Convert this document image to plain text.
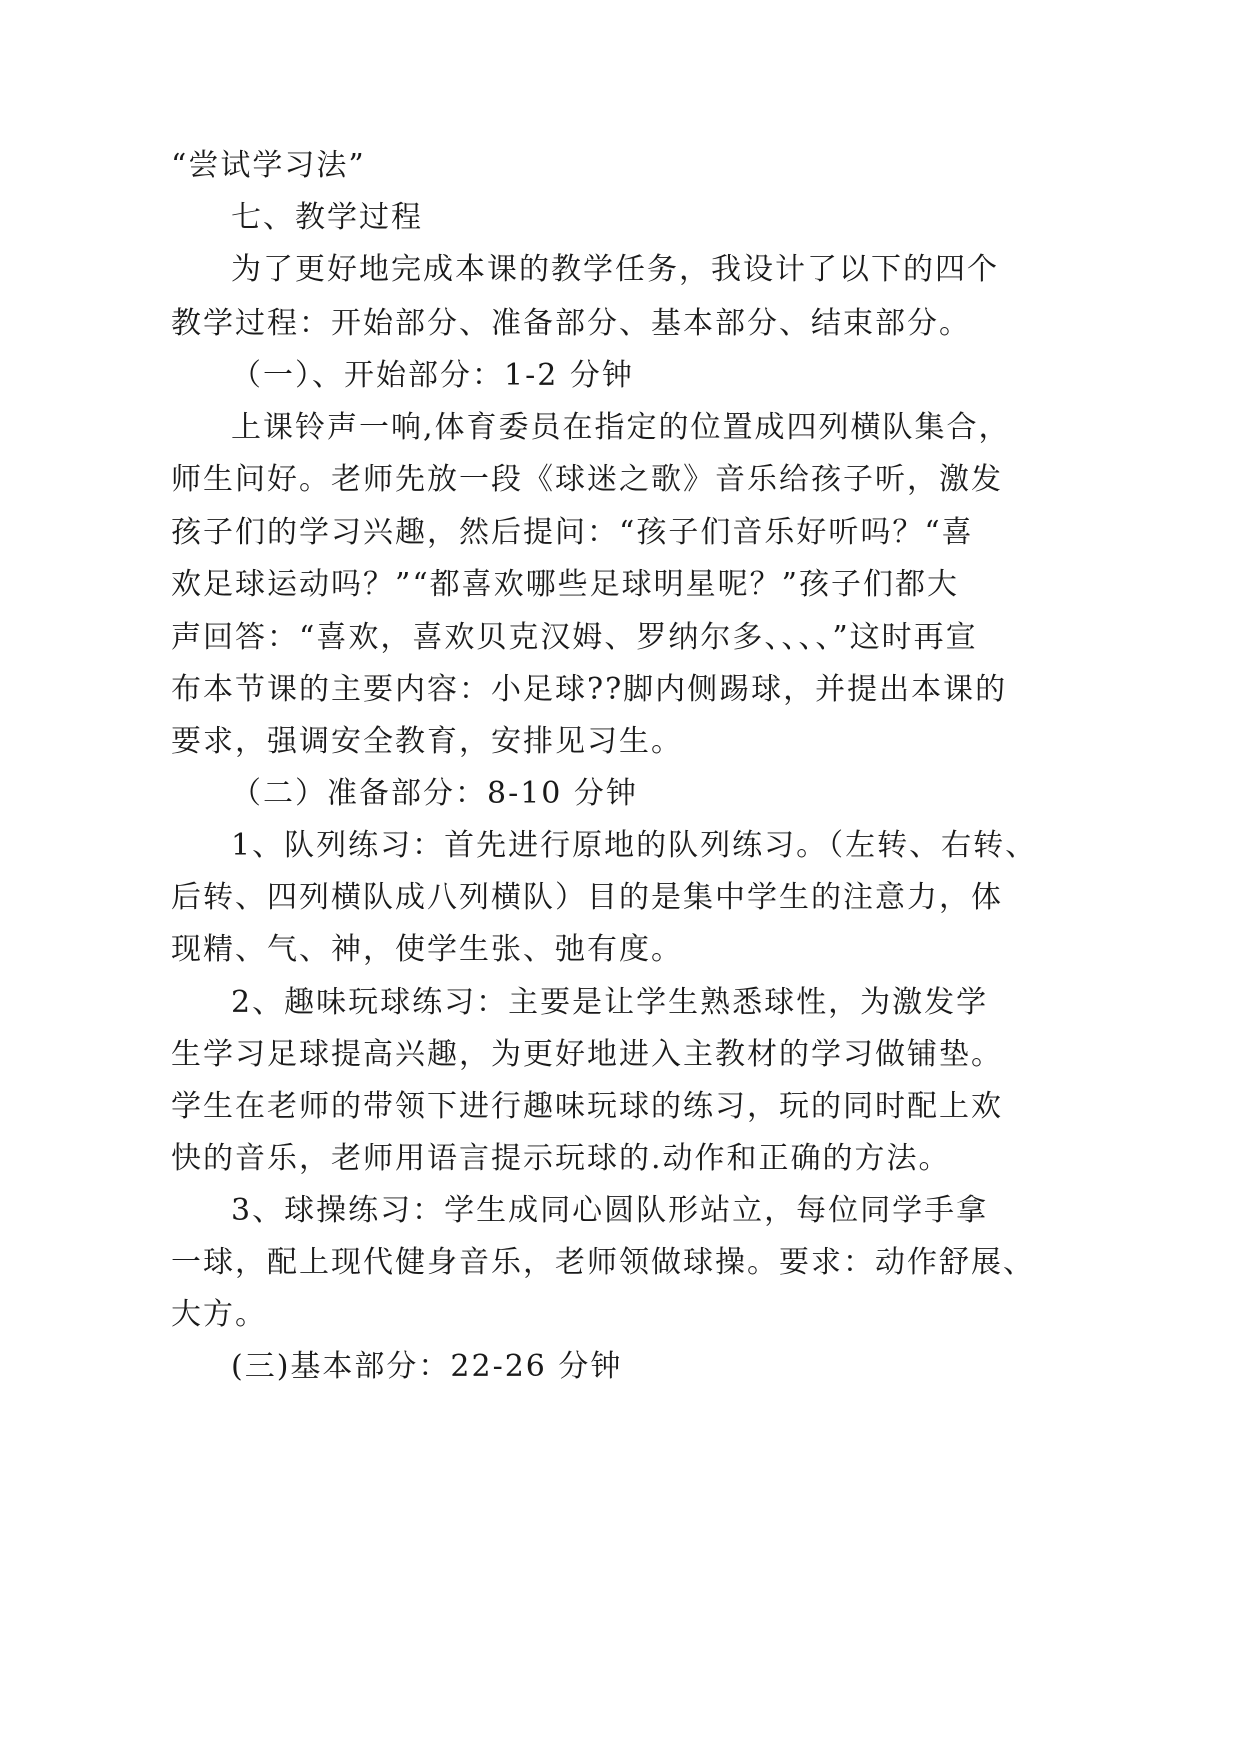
“尝试学习法”
七、教学过程
为了更好地完成本课的教学任务，我设计了以下的四个
教学过程：开始部分、准备部分、基本部分、结束部分。
（一）、开始部分：1-2 分钟
上课铃声一响,体育委员在指定的位置成四列横队集合，
师生问好。老师先放一段《球迷之歌》音乐给孩子听，激发
孩子们的学习兴趣，然后提问：“孩子们音乐好听吗？“喜
欢足球运动吗？”“都喜欢哪些足球明星呢？”孩子们都大
声回答：“喜欢，喜欢贝克汉姆、罗纳尔多、、、、”这时再宣
布本节课的主要内容：小足球??脚内侧踢球，并提出本课的
要求，强调安全教育，安排见习生。
（二）准备部分：8-10 分钟
1、队列练习：首先进行原地的队列练习。（左转、右转、
后转、四列横队成八列横队）目的是集中学生的注意力，体
现精、气、神，使学生张、弛有度。
2、趣味玩球练习：主要是让学生熟悉球性，为激发学
生学习足球提高兴趣，为更好地进入主教材的学习做铺垫。
学生在老师的带领下进行趣味玩球的练习，玩的同时配上欢
快的音乐，老师用语言提示玩球的.动作和正确的方法。
3、球操练习：学生成同心圆队形站立，每位同学手拿
一球，配上现代健身音乐，老师领做球操。要求：动作舒展、
大方。
(三)基本部分：22-26 分钟
